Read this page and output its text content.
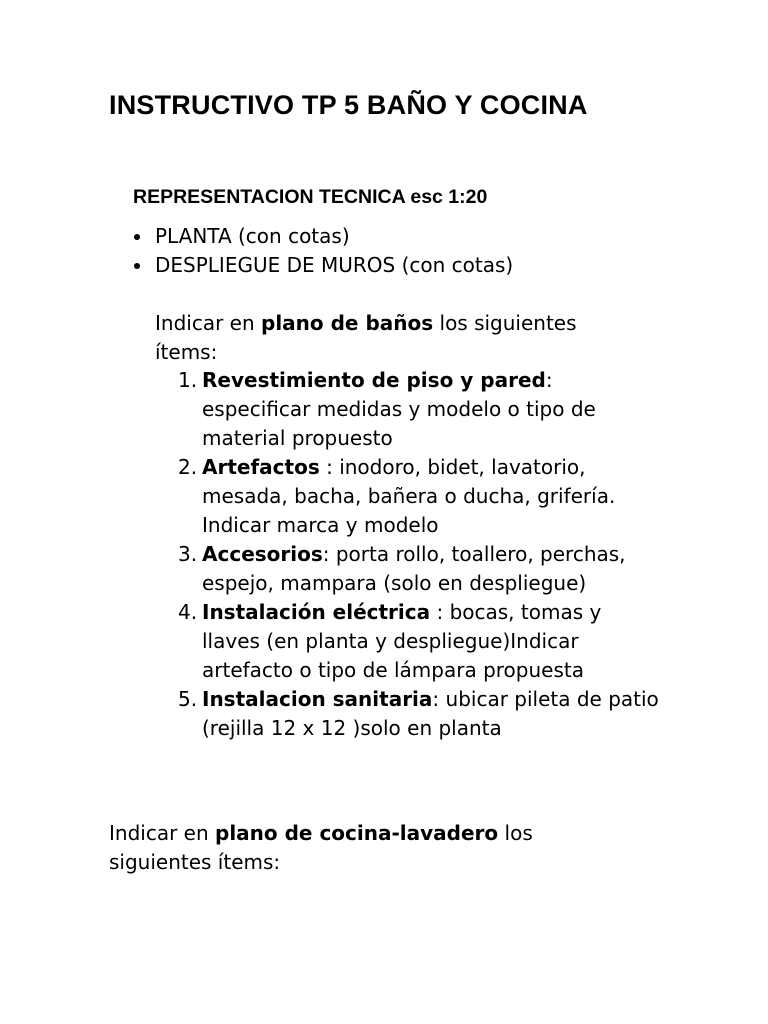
INSTRUCTIVO TP 5 BAÑO Y COCINA
REPRESENTACION TECNICA esc 1:20
PLANTA (con cotas)
DESPLIEGUE DE MUROS (con cotas)

Indicar en plano de baños los siguientes ítems:

1. Revestimiento de piso y pared: especificar medidas y modelo o tipo de material propuesto
2. Artefactos : inodoro, bidet, lavatorio, mesada, bacha, bañera o ducha, grifería. Indicar marca y modelo
3. Accesorios: porta rollo, toallero, perchas, espejo, mampara (solo en despliegue)
4. Instalación eléctrica : bocas, tomas y llaves (en planta y despliegue)Indicar artefacto o tipo de lámpara propuesta
5. Instalacion sanitaria: ubicar pileta de patio (rejilla 12 x 12 )solo en planta

Indicar en plano de cocina-lavadero los siguientes ítems:
